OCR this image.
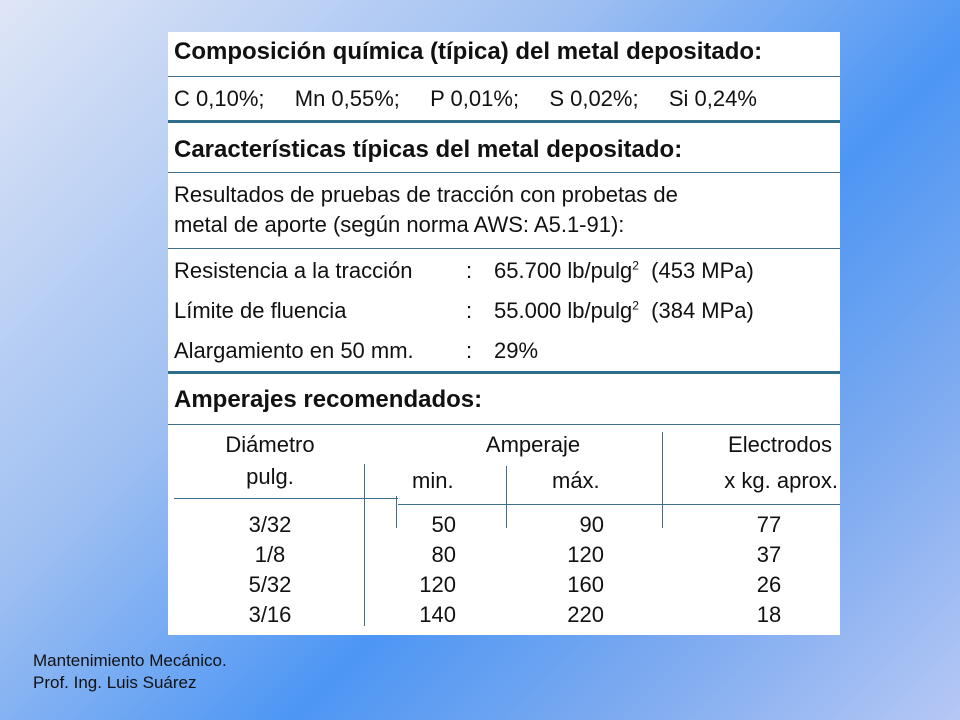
Composición química (típica) del metal depositado:
C 0,10%; Mn 0,55%; P 0,01%; S 0,02%; Si 0,24%
Características típicas del metal depositado:
Resultados de pruebas de tracción con probetas de
metal de aporte (según norma AWS: A5.1-91):
Resistencia a la tracción : 65.700 lb/pulg$^2$ (453 MPa)
Límite de fluencia	: 55.000 lb/pulg$^2$ (384 MPa)
Alargamiento en 50 mm. : 29%
Amperajes recomendados:
Diámetro
pulg.
Amperaje
min.	máx.
Electrodos
x kg. aprox.
3/32
1/8
5/32
3/16
50
80
120
140
90
120
160
220
77
37
26
18
Mantenimiento Mecánico.
Prof. Ing. Luis Suárez
